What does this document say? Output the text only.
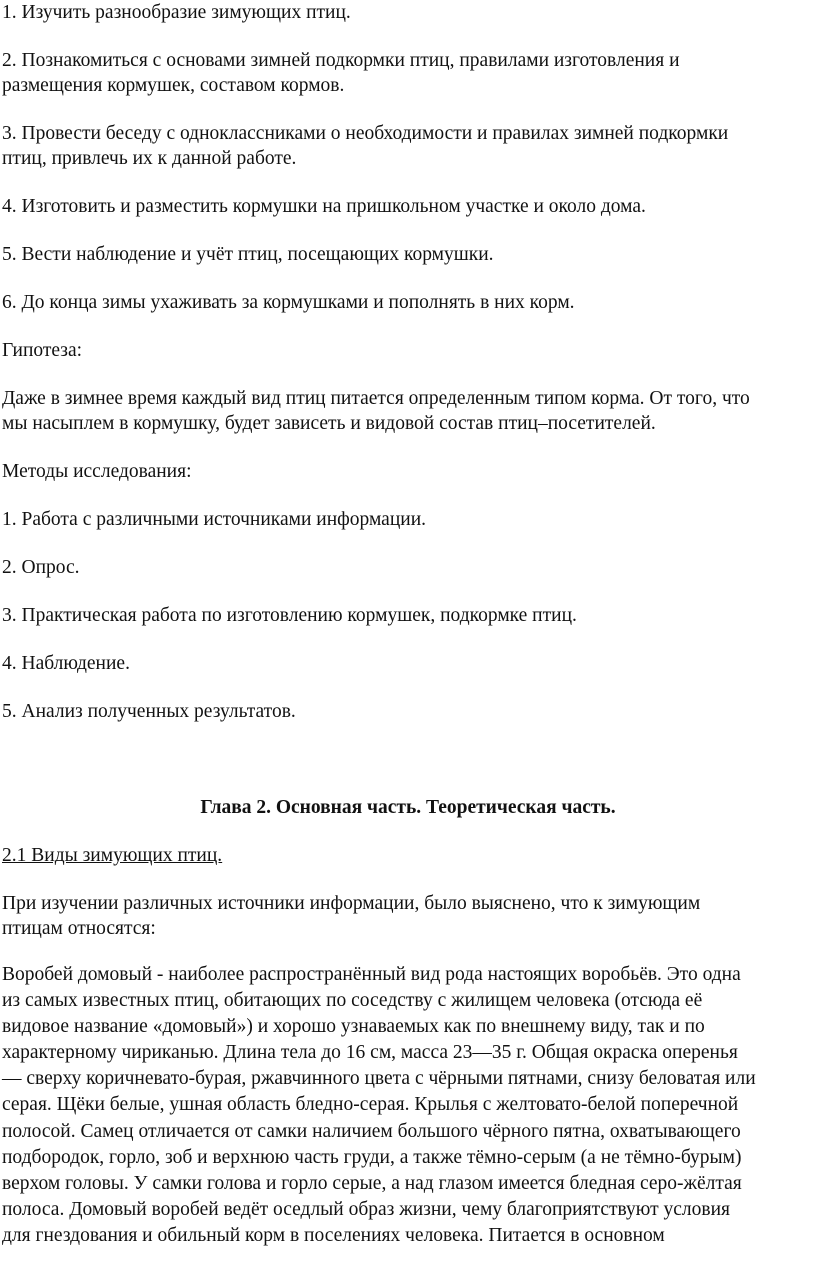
1. Изучить разнообразие зимующих птиц.

2. Познакомиться с основами зимней подкормки птиц, правилами изготовления и
размещения кормушек, составом кормов.

3. Провести беседу с одноклассниками о необходимости и правилах зимней подкормки
птиц, привлечь их к данной работе.

4. Изготовить и разместить кормушки на пришкольном участке и около дома.

5. Вести наблюдение и учёт птиц, посещающих кормушки.

6. До конца зимы ухаживать за кормушками и пополнять в них корм.

Гипотеза:

Даже в зимнее время каждый вид птиц питается определенным типом корма. От того, что
мы насыплем в кормушку, будет зависеть и видовой состав птиц–посетителей.

Методы исследования:

1. Работа с различными источниками информации.

2. Опрос.

3. Практическая работа по изготовлению кормушек, подкормке птиц.

4. Наблюдение.

5. Анализ полученных результатов.

Глава 2. Основная часть. Теоретическая часть.

2.1 Виды зимующих птиц.

При изучении различных источники информации, было выяснено, что к зимующим
птицам относятся:

Воробей домовый - наиболее распространённый вид рода настоящих воробьёв. Это одна
из самых известных птиц, обитающих по соседству с жилищем человека (отсюда её
видовое название «домовый») и хорошо узнаваемых как по внешнему виду, так и по
характерному чириканью. Длина тела до 16 см, масса 23—35 г. Общая окраска оперенья
— сверху коричневато-бурая, ржавчинного цвета с чёрными пятнами, снизу беловатая или
серая. Щёки белые, ушная область бледно-серая. Крылья с желтовато-белой поперечной
полосой. Самец отличается от самки наличием большого чёрного пятна, охватывающего
подбородок, горло, зоб и верхнюю часть груди, а также тёмно-серым (а не тёмно-бурым)
верхом головы. У самки голова и горло серые, а над глазом имеется бледная серо-жёлтая
полоса. Домовый воробей ведёт оседлый образ жизни, чему благоприятствуют условия
для гнездования и обильный корм в поселениях человека. Питается в основном
